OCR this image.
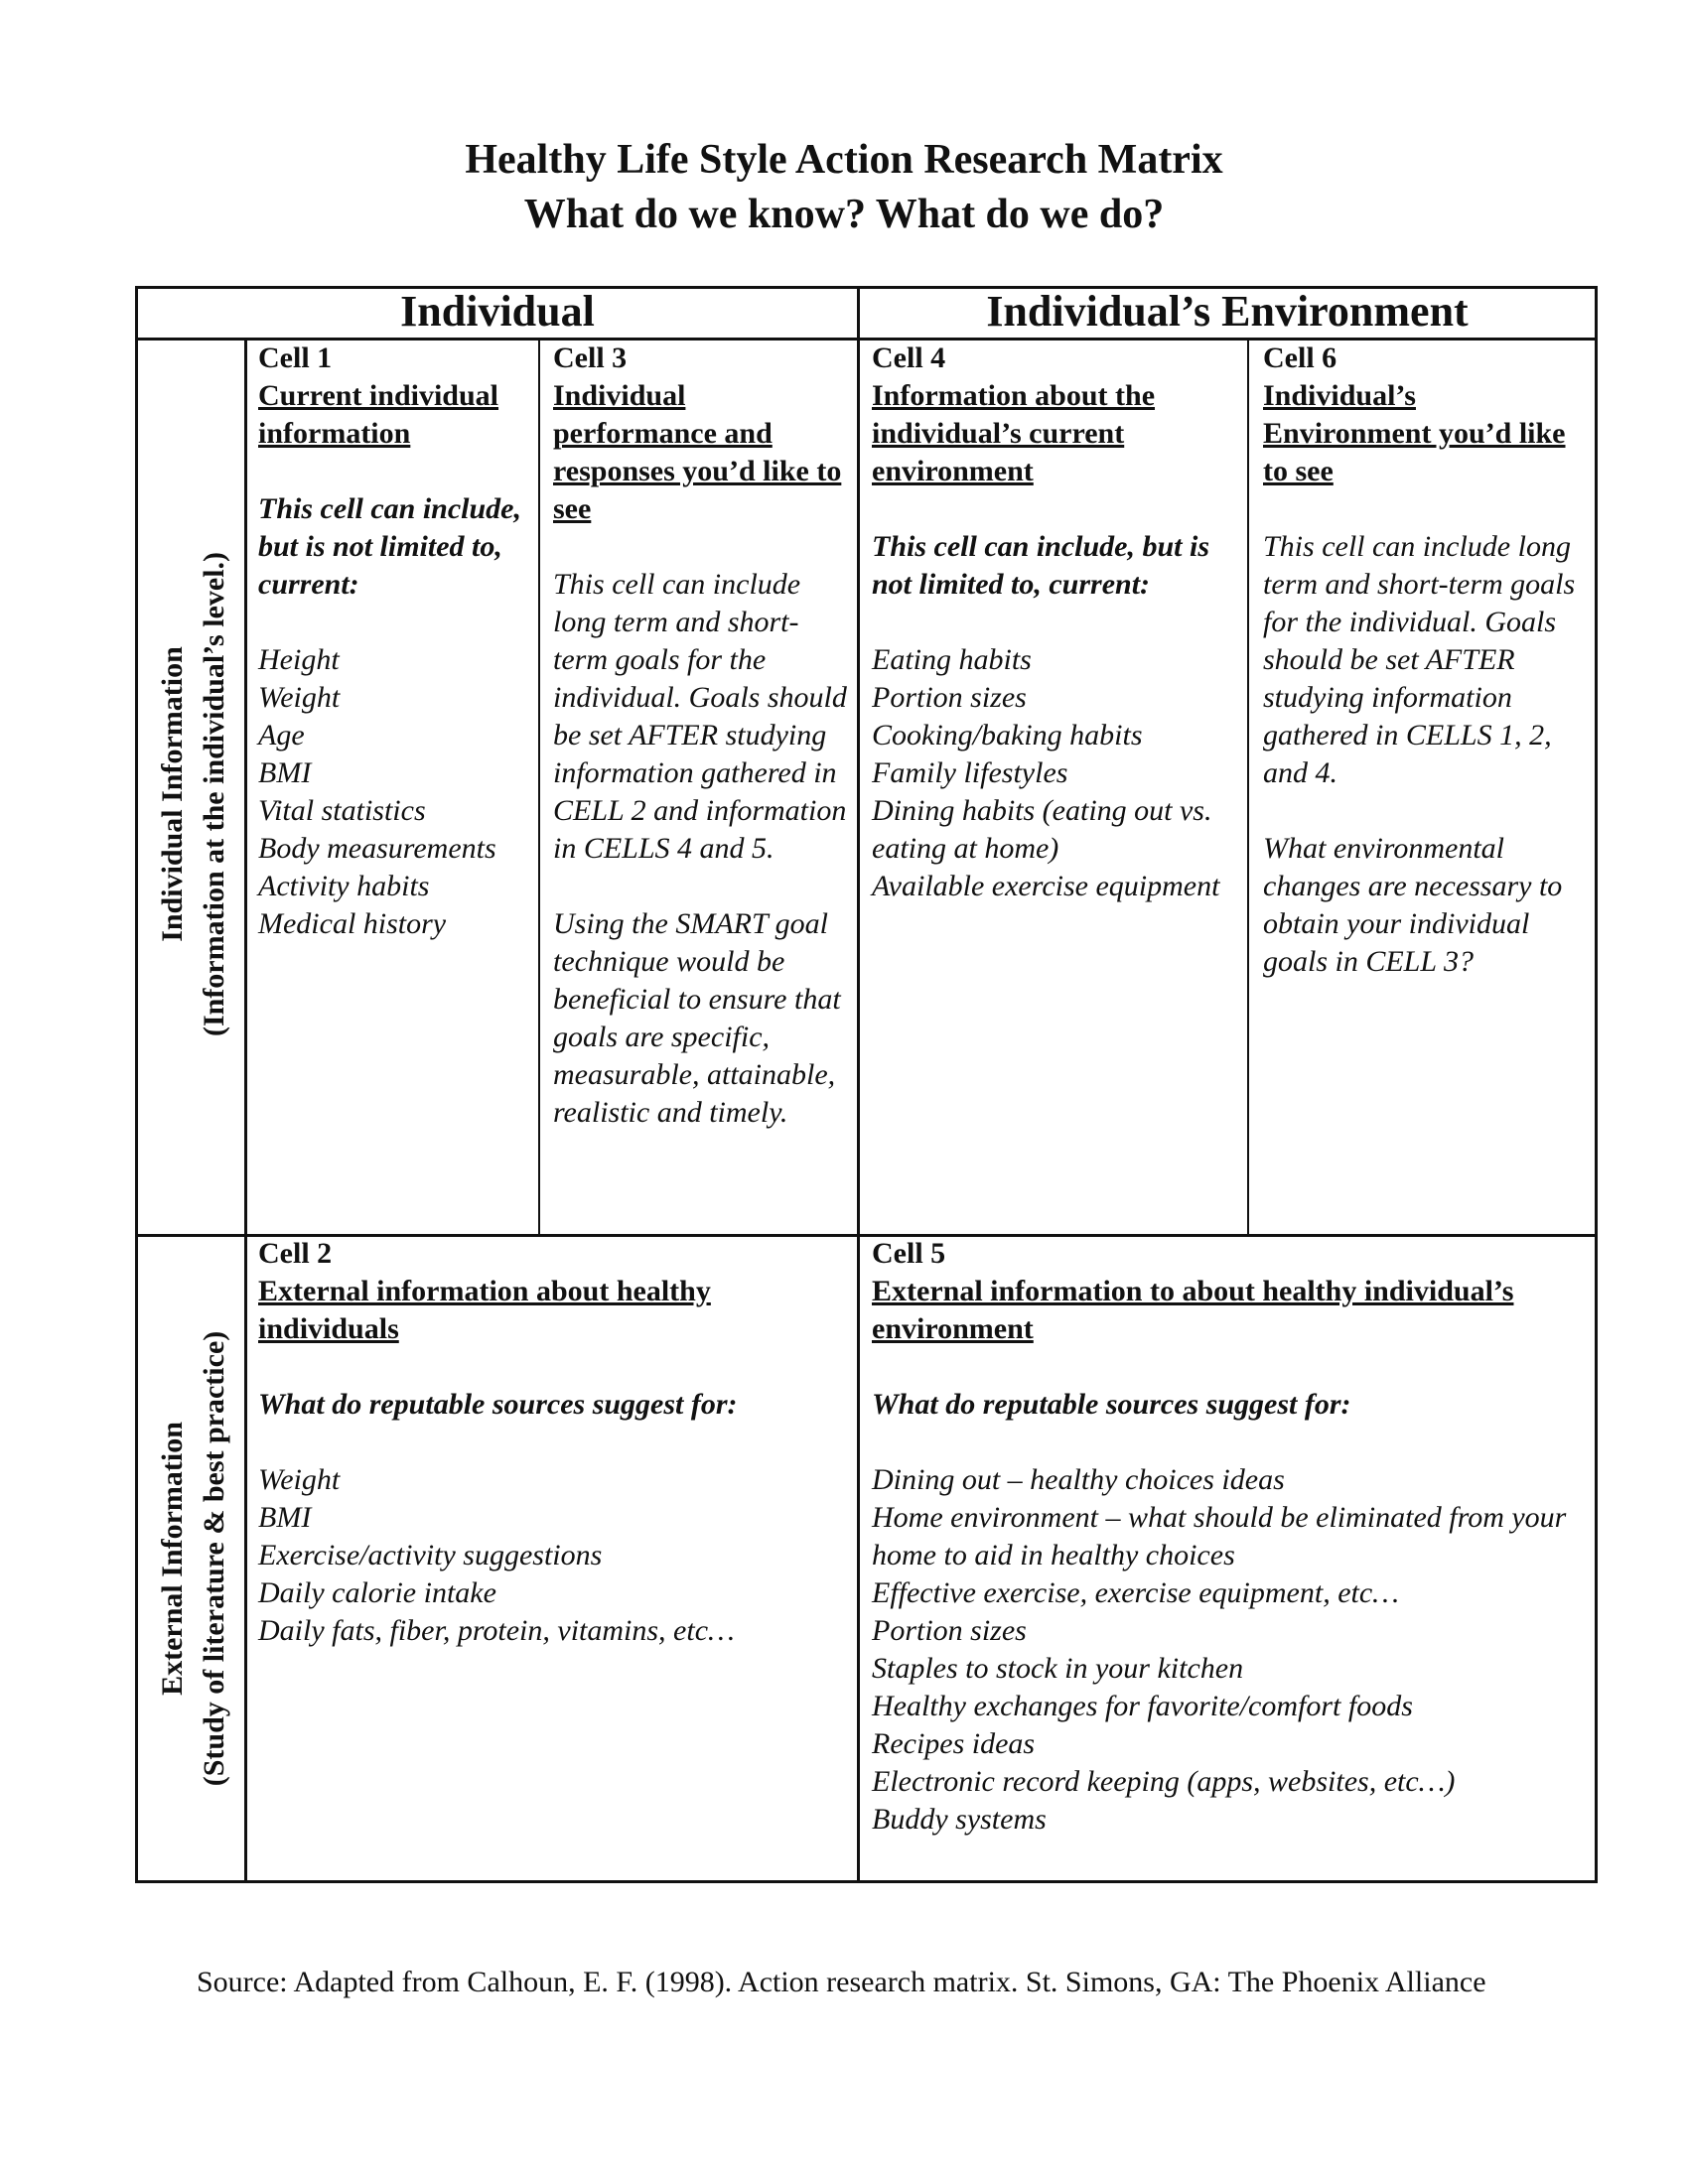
Healthy Life Style Action Research Matrix
What do we know? What do we do?
Individual	Individual’s Environment
Individual Information (Information at the individual’s level.)
External Information (Study of literature & best practice)
Cell 1
Current individual information
This cell can include, but is not limited to, current:
Height
Weight
Age
BMI
Vital statistics
Body measurements
Activity habits
Medical history
Cell 3
Individual performance and responses you’d like to see
This cell can include long term and short-term goals for the individual. Goals should be set AFTER studying information gathered in CELL 2 and information in CELLS 4 and 5.
Using the SMART goal technique would be beneficial to ensure that goals are specific, measurable, attainable, realistic and timely.
Cell 4
Information about the individual’s current environment
This cell can include, but is not limited to, current:
Eating habits
Portion sizes
Cooking/baking habits
Family lifestyles
Dining habits (eating out vs. eating at home)
Available exercise equipment
Cell 6
Individual’s Environment you’d like to see
This cell can include long term and short-term goals for the individual. Goals should be set AFTER studying information gathered in CELLS 1, 2, and 4.
What environmental changes are necessary to obtain your individual goals in CELL 3?
Cell 2
External information about healthy individuals
What do reputable sources suggest for:
Weight
BMI
Exercise/activity suggestions
Daily calorie intake
Daily fats, fiber, protein, vitamins, etc…
Cell 5
External information to about healthy individual’s environment
What do reputable sources suggest for:
Dining out – healthy choices ideas
Home environment – what should be eliminated from your home to aid in healthy choices
Effective exercise, exercise equipment, etc…
Portion sizes
Staples to stock in your kitchen
Healthy exchanges for favorite/comfort foods
Recipes ideas
Electronic record keeping (apps, websites, etc…)
Buddy systems
Source: Adapted from Calhoun, E. F. (1998). Action research matrix. St. Simons, GA: The Phoenix Alliance
